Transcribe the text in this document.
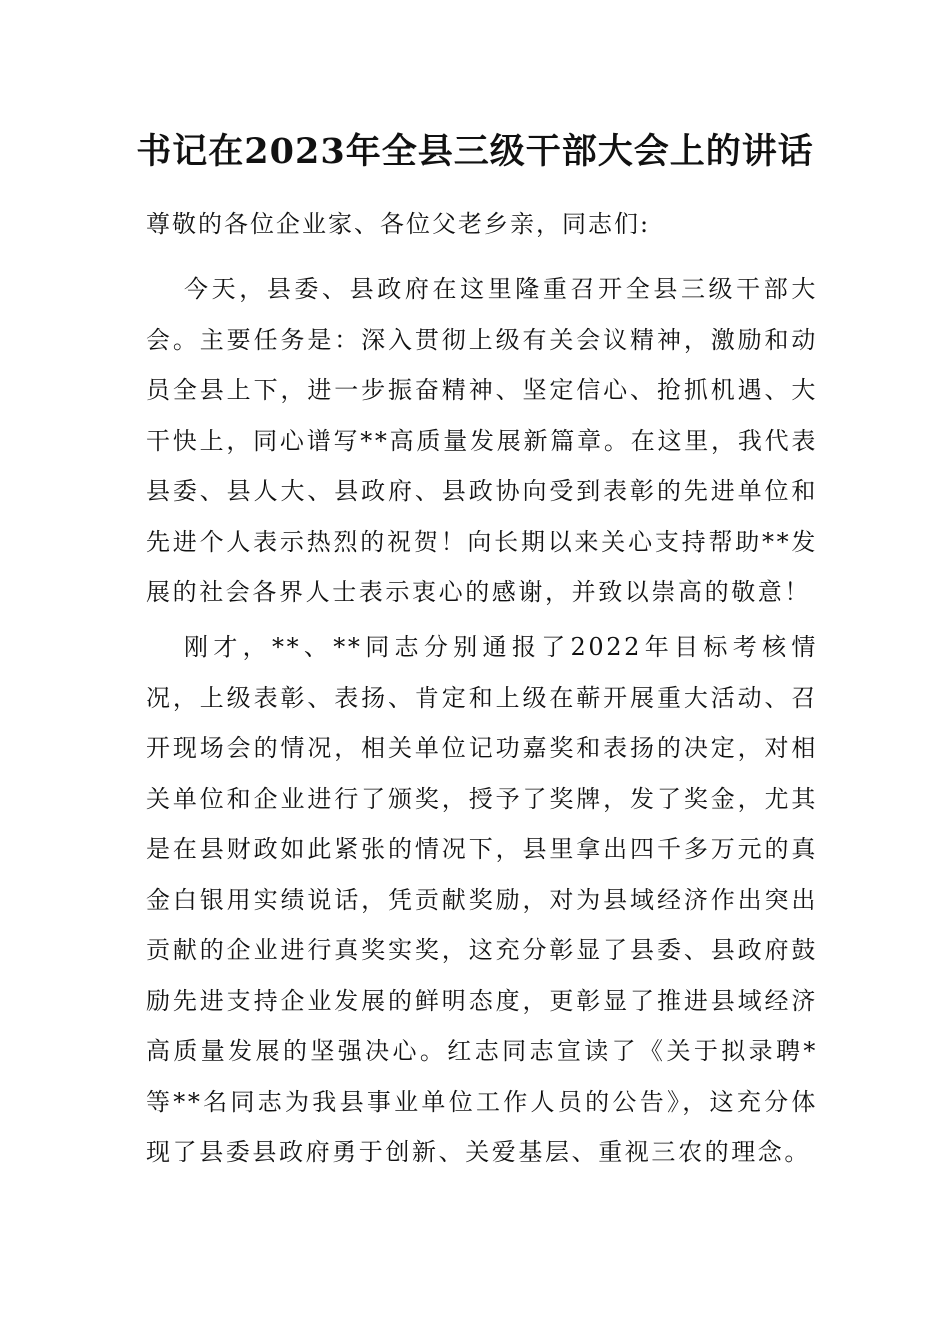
书记在2023年全县三级干部大会上的讲话

尊敬的各位企业家、各位父老乡亲，同志们:

今天，县委、县政府在这里隆重召开全县三级干部大会。主要任务是：深入贯彻上级有关会议精神，激励和动员全县上下，进一步振奋精神、坚定信心、抢抓机遇、大干快上，同心谱写**高质量发展新篇章。在这里，我代表县委、县人大、县政府、县政协向受到表彰的先进单位和先进个人表示热烈的祝贺！向长期以来关心支持帮助**发展的社会各界人士表示衷心的感谢，并致以崇高的敬意！

刚才，**、**同志分别通报了2022年目标考核情况，上级表彰、表扬、肯定和上级在蕲开展重大活动、召开现场会的情况，相关单位记功嘉奖和表扬的决定，对相关单位和企业进行了颁奖，授予了奖牌，发了奖金，尤其是在县财政如此紧张的情况下，县里拿出四千多万元的真金白银用实绩说话，凭贡献奖励，对为县域经济作出突出贡献的企业进行真奖实奖，这充分彰显了县委、县政府鼓励先进支持企业发展的鲜明态度，更彰显了推进县域经济高质量发展的坚强决心。红志同志宣读了《关于拟录聘*等**名同志为我县事业单位工作人员的公告》，这充分体现了县委县政府勇于创新、关爱基层、重视三农的理念。
